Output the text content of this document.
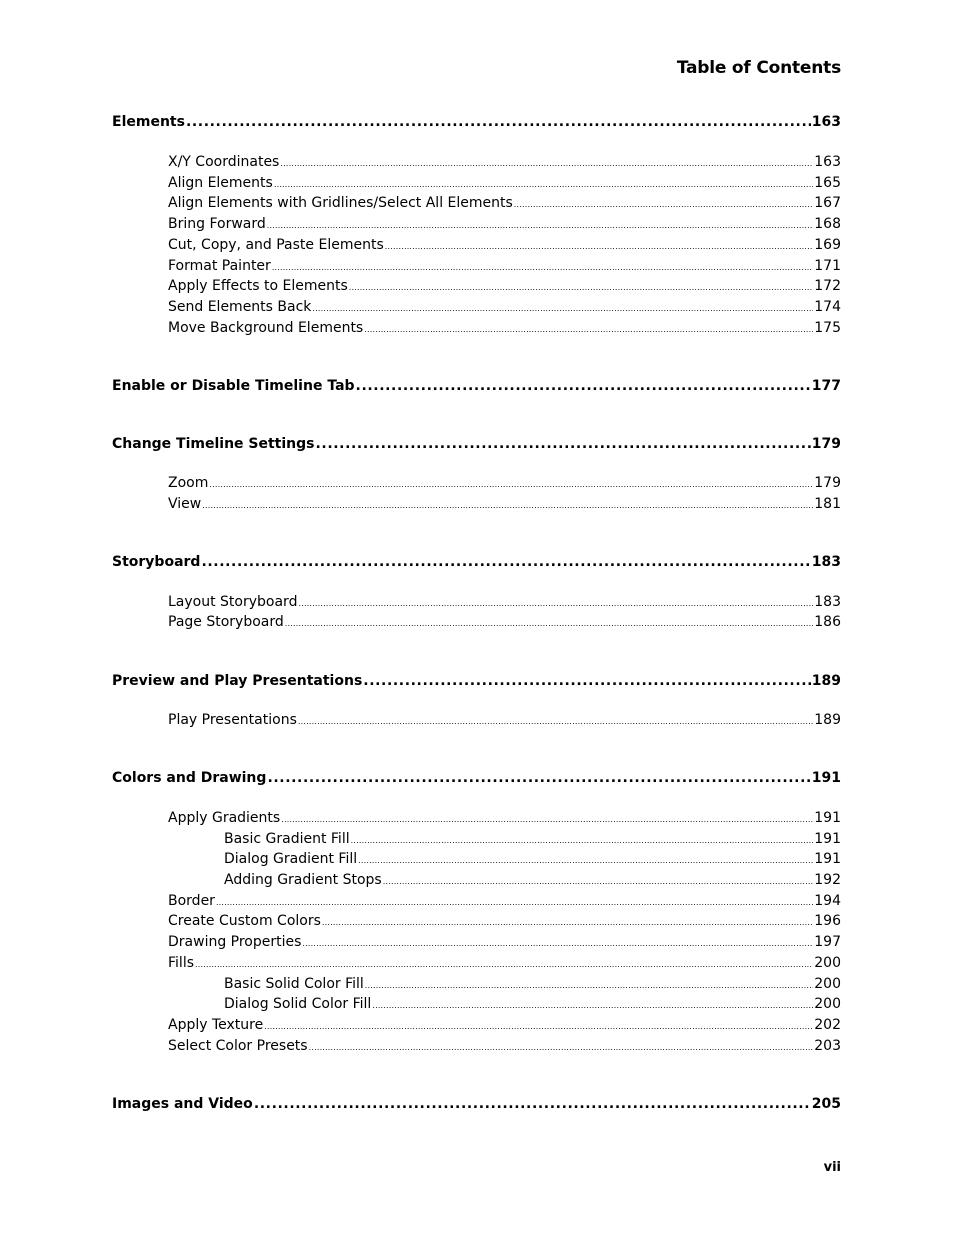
Table of Contents
Elements .....	163
X/Y Coordinates .....	163
Align Elements .....	165
Align Elements with Gridlines/Select All Elements .....	167
Bring Forward .....	168
Cut, Copy, and Paste Elements .....	169
Format Painter .....	171
Apply Effects to Elements .....	172
Send Elements Back .....	174
Move Background Elements .....	175
Enable or Disable Timeline Tab .....	177
Change Timeline Settings .....	179
Zoom .....	179
View .....	181
Storyboard .....	183
Layout Storyboard .....	183
Page Storyboard .....	186
Preview and Play Presentations .....	189
Play Presentations .....	189
Colors and Drawing .....	191
Apply Gradients .....	191
Basic Gradient Fill .....	191
Dialog Gradient Fill .....	191
Adding Gradient Stops .....	192
Border .....	194
Create Custom Colors .....	196
Drawing Properties .....	197
Fills .....	200
Basic Solid Color Fill .....	200
Dialog Solid Color Fill .....	200
Apply Texture .....	202
Select Color Presets .....	203
Images and Video .....	205
vii
